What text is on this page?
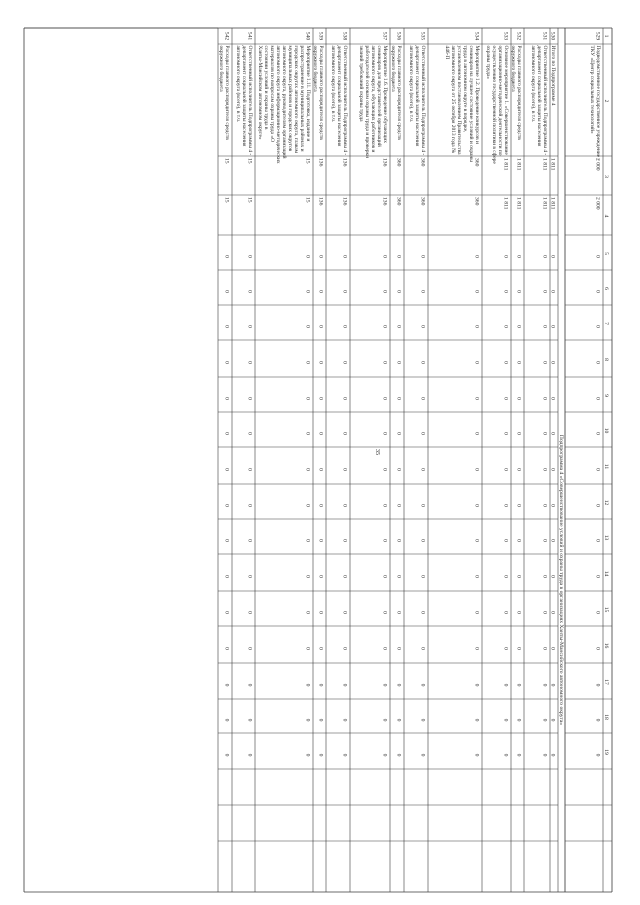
35
1
2
3
4
5
6
7
8
9
10
11
12
13
14
15
16
17
18
19
Подпрограмма 4 «Совершенствование условий и охраны труда в организациях Ханты-Мансийского автономного округа»
529
Подведомственное государственное учреждение -ТКУ «Центр социальных технологий»
2 000
2 000
0
0
0
0
0
0
0
0
0
0
0
0
0
0
0
530
Итого по Подпрограмме 4
1 811
1 811
0
0
0
0
0
0
0
0
0
0
0
0
0
0
0
531
Ответственный исполнитель Подпрограммы 4 -департамент социальной защиты населенияавтономного округа (всего), в т.ч.
1 811
1 811
0
0
0
0
0
0
0
0
0
0
0
0
0
0
0
532
Расходы главного распорядителя средствокружного бюджета
1 811
1 811
0
0
0
0
0
0
0
0
0
0
0
0
0
0
0
533
Основное мероприятие 1. «Совершенствованиеорганизационно-методической деятельности поосуществлению государственной политики в сфереохраны труда»
1 811
1 811
0
0
0
0
0
0
0
0
0
0
0
0
0
0
0
534
Мероприятие 1.2. Проведение конкурсов исеминаров на лучшее состояние условий и охранытруда в автономном округе в порядке,установленном постановлением Правительстваавтономного округа от 25 октября 2013 года №446-П
360
360
0
0
0
0
0
0
0
0
0
0
0
0
0
0
0
535
Ответственный исполнитель Подпрограммы 4 -департамент социальной защиты населенияавтономного округа (всего), в т.ч.
360
360
0
0
0
0
0
0
0
0
0
0
0
0
0
0
0
536
Расходы главного распорядителя средствокружного бюджета
360
360
0
0
0
0
0
0
0
0
0
0
0
0
0
0
0
537
Мероприятие 1.6. Проведение обучающихсеминаров для представителей организацийавтономного округа, обучающих работников иработодателей основам охраны труда и проверкизнаний требований охраны труда
136
136
0
0
0
0
0
0
0
0
0
0
0
0
0
0
0
538
Ответственный исполнитель Подпрограммы 4 -департамент социальной защиты населенияавтономного округа (всего), в т.ч.
136
136
0
0
0
0
0
0
0
0
0
0
0
0
0
0
0
539
Расходы главного распорядителя средствокружного бюджета
136
136
0
0
0
0
0
0
0
0
0
0
0
0
0
0
0
540
Мероприятие 1.11. Подготовка, издание ираспространение в муниципальных районах игородских округах автономного округа, главаммуниципальных районов и городских округовавтономного округа, руководителям организацийавтономного округа информационно-методическихматериалов по вопросам охраны труда «Осостоянии условий и охраны труда вХанты-Мансийском автономном округе»
15
15
0
0
0
0
0
0
0
0
0
0
0
0
0
0
0
541
Ответственный исполнитель Подпрограммы 4 -департамент социальной защиты населенияавтономного округа (всего), в т.ч.
15
15
0
0
0
0
0
0
0
0
0
0
0
0
0
0
0
542
Расходы главного распорядителя средствокружного бюджета
15
15
0
0
0
0
0
0
0
0
0
0
0
0
0
0
0
